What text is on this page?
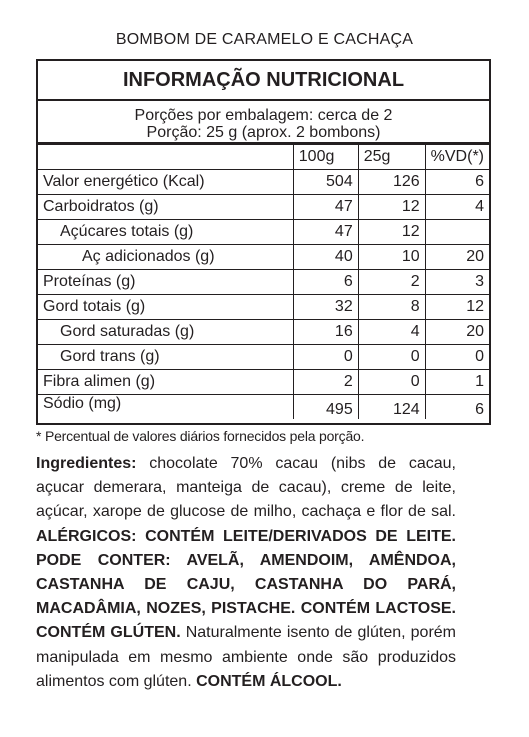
BOMBOM DE CARAMELO E CACHAÇA
INFORMAÇÃO NUTRICIONAL
Porções por embalagem: cerca de 2
Porção: 25 g (aprox. 2 bombons)
	100g	25g	%VD(*)
Valor energético (Kcal)	504	126	6
Carboidratos (g)	47	12	4
Açúcares totais (g)	47	12	
Aç adicionados (g)	40	10	20
Proteínas (g)	6	2	3
Gord totais (g)	32	8	12
Gord saturadas (g)	16	4	20
Gord trans (g)	0	0	0
Fibra alimen (g)	2	0	1
Sódio (mg)	495	124	6
* Percentual de valores diários fornecidos pela porção.
Ingredientes: chocolate 70% cacau (nibs de cacau, açucar demerara, manteiga de cacau), creme de leite, açúcar, xarope de glucose de milho, cachaça e flor de sal. ALÉRGICOS: CONTÉM LEITE/DERIVADOS DE LEITE. PODE CONTER: AVELÃ, AMENDOIM, AMÊNDOA, CASTANHA DE CAJU, CASTANHA DO PARÁ, MACADÂMIA, NOZES, PISTACHE. CONTÉM LACTOSE. CONTÉM GLÚTEN. Naturalmente isento de glúten, porém manipulada em mesmo ambiente onde são produzidos alimentos com glúten. CONTÉM ÁLCOOL.
